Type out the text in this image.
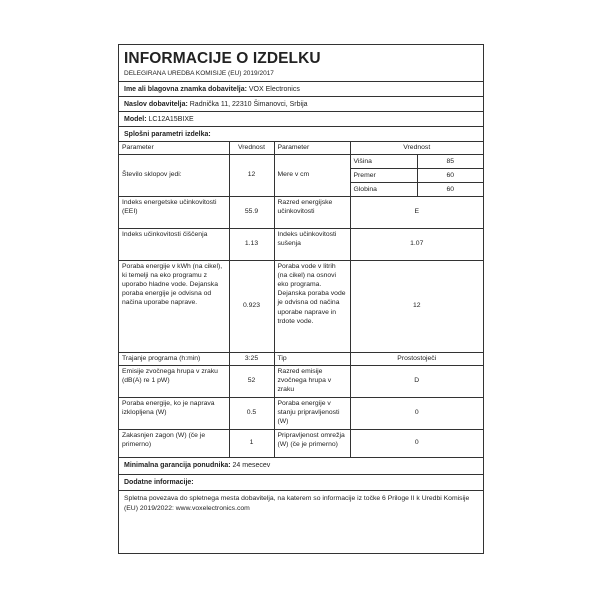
INFORMACIJE O IZDELKU
DELEGIRANA UREDBA KOMISIJE (EU) 2019/2017
Ime ali blagovna znamka dobavitelja: VOX Electronics
Naslov dobavitelja: Radnička 11, 22310 Šimanovci, Srbija
Model: LC12A15BIXE
Splošni parametri izdelka:
Parameter	Vrednost	Parameter	Vrednost
Število sklopov jedi:	12	Mere v cm	
Višina	85
Premer	60
Globina	60

Indeks energetske učinkovitosti (EEI)	55.9	Razred energijske učinkovitosti	E
Indeks učinkovitosti čiščenja	1.13	Indeks učinkovitosti sušenja	1.07
Poraba energije v kWh (na cikel), ki temelji na eko programu z uporabo hladne vode. Dejanska poraba energije je odvisna od načina uporabe naprave.	0.923	Poraba vode v litrih (na cikel) na osnovi eko programa. Dejanska poraba vode je odvisna od načina uporabe naprave in trdote vode.	12
Trajanje programa (h:min)	3:25	Tip	Prostostoječi
Emisije zvočnega hrupa v zraku (dB(A) re 1 pW)	52	Razred emisije zvočnega hrupa v zraku	D
Poraba energije, ko je naprava izklopljena (W)	0.5	Poraba energije v stanju pripravljenosti (W)	0
Zakasnjen zagon (W) (če je primerno)	1	Pripravljenost omrežja (W) (če je primerno)	0
Minimalna garancija ponudnika: 24 mesecev
Dodatne informacije:
Spletna povezava do spletnega mesta dobavitelja, na katerem so informacije iz točke 6 Priloge II k Uredbi Komisije (EU) 2019/2022: www.voxelectronics.com
